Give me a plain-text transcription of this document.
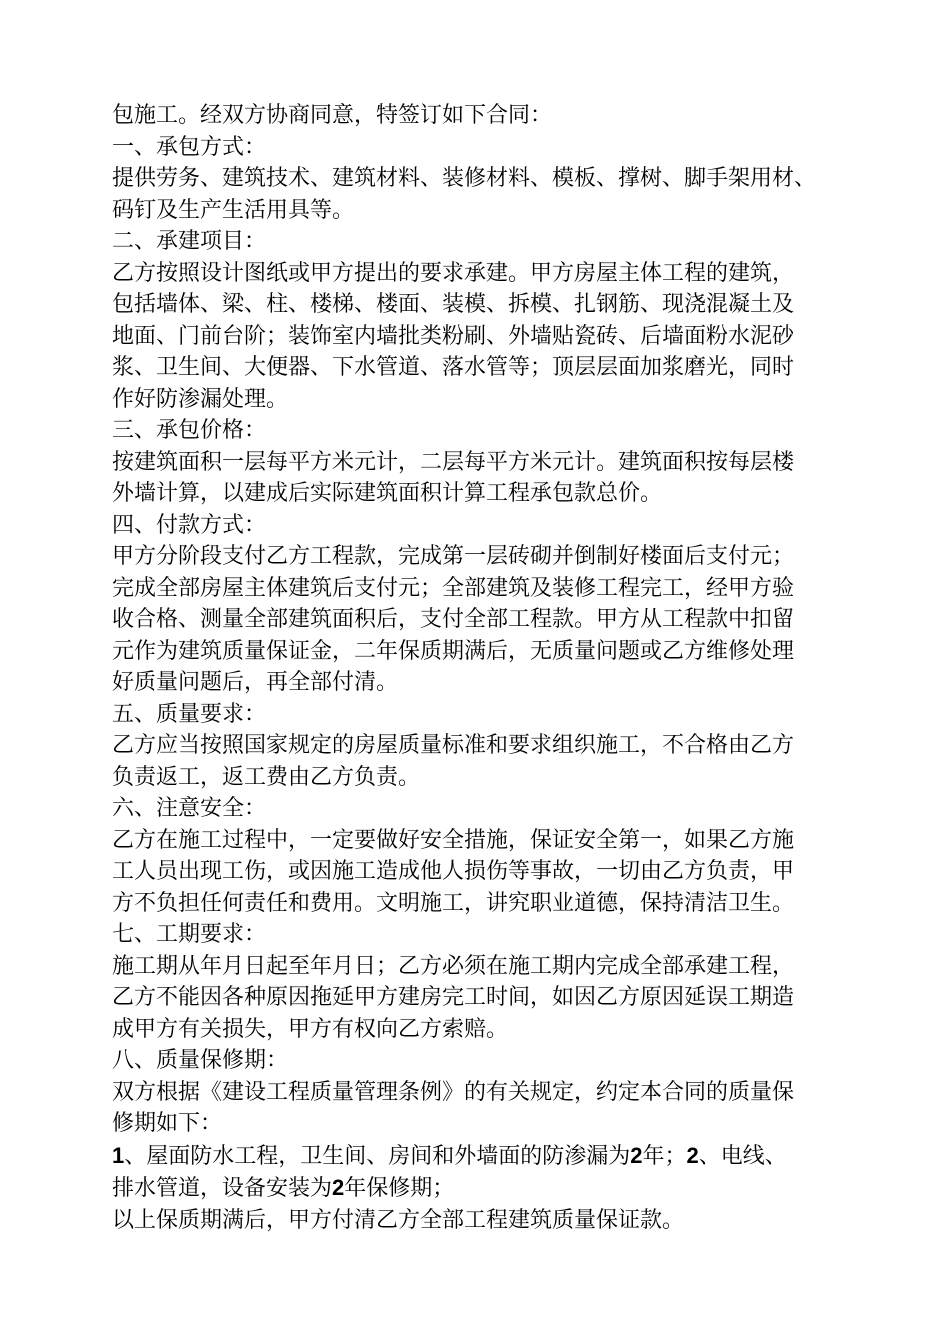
包施工。经双方协商同意，特签订如下合同：
一、承包方式：
提供劳务、建筑技术、建筑材料、装修材料、模板、撑树、脚手架用材、
码钉及生产生活用具等。
二、承建项目：
乙方按照设计图纸或甲方提出的要求承建。甲方房屋主体工程的建筑，
包括墙体、梁、柱、楼梯、楼面、装模、拆模、扎钢筋、现浇混凝土及
地面、门前台阶；装饰室内墙批类粉刷、外墙贴瓷砖、后墙面粉水泥砂
浆、卫生间、大便器、下水管道、落水管等；顶层层面加浆磨光，同时
作好防渗漏处理。
三、承包价格：
按建筑面积一层每平方米元计，二层每平方米元计。建筑面积按每层楼
外墙计算，以建成后实际建筑面积计算工程承包款总价。
四、付款方式：
甲方分阶段支付乙方工程款，完成第一层砖砌并倒制好楼面后支付元；
完成全部房屋主体建筑后支付元；全部建筑及装修工程完工，经甲方验
收合格、测量全部建筑面积后，支付全部工程款。甲方从工程款中扣留
元作为建筑质量保证金，二年保质期满后，无质量问题或乙方维修处理
好质量问题后，再全部付清。
五、质量要求：
乙方应当按照国家规定的房屋质量标准和要求组织施工，不合格由乙方
负责返工，返工费由乙方负责。
六、注意安全：
乙方在施工过程中，一定要做好安全措施，保证安全第一，如果乙方施
工人员出现工伤，或因施工造成他人损伤等事故，一切由乙方负责，甲
方不负担任何责任和费用。文明施工，讲究职业道德，保持清洁卫生。
七、工期要求：
施工期从年月日起至年月日；乙方必须在施工期内完成全部承建工程，
乙方不能因各种原因拖延甲方建房完工时间，如因乙方原因延误工期造
成甲方有关损失，甲方有权向乙方索赔。
八、质量保修期：
双方根据《建设工程质量管理条例》的有关规定，约定本合同的质量保
修期如下：
1、屋面防水工程，卫生间、房间和外墙面的防渗漏为2年；2、电线、
排水管道，设备安装为2年保修期；
以上保质期满后，甲方付清乙方全部工程建筑质量保证款。
